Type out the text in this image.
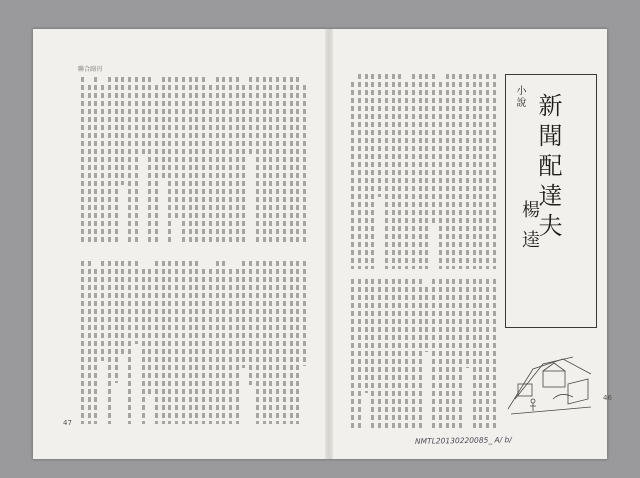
聯合副刊
47
小說 新聞配達夫
楊逵
46
NMTL20130220085_ A/ b/
